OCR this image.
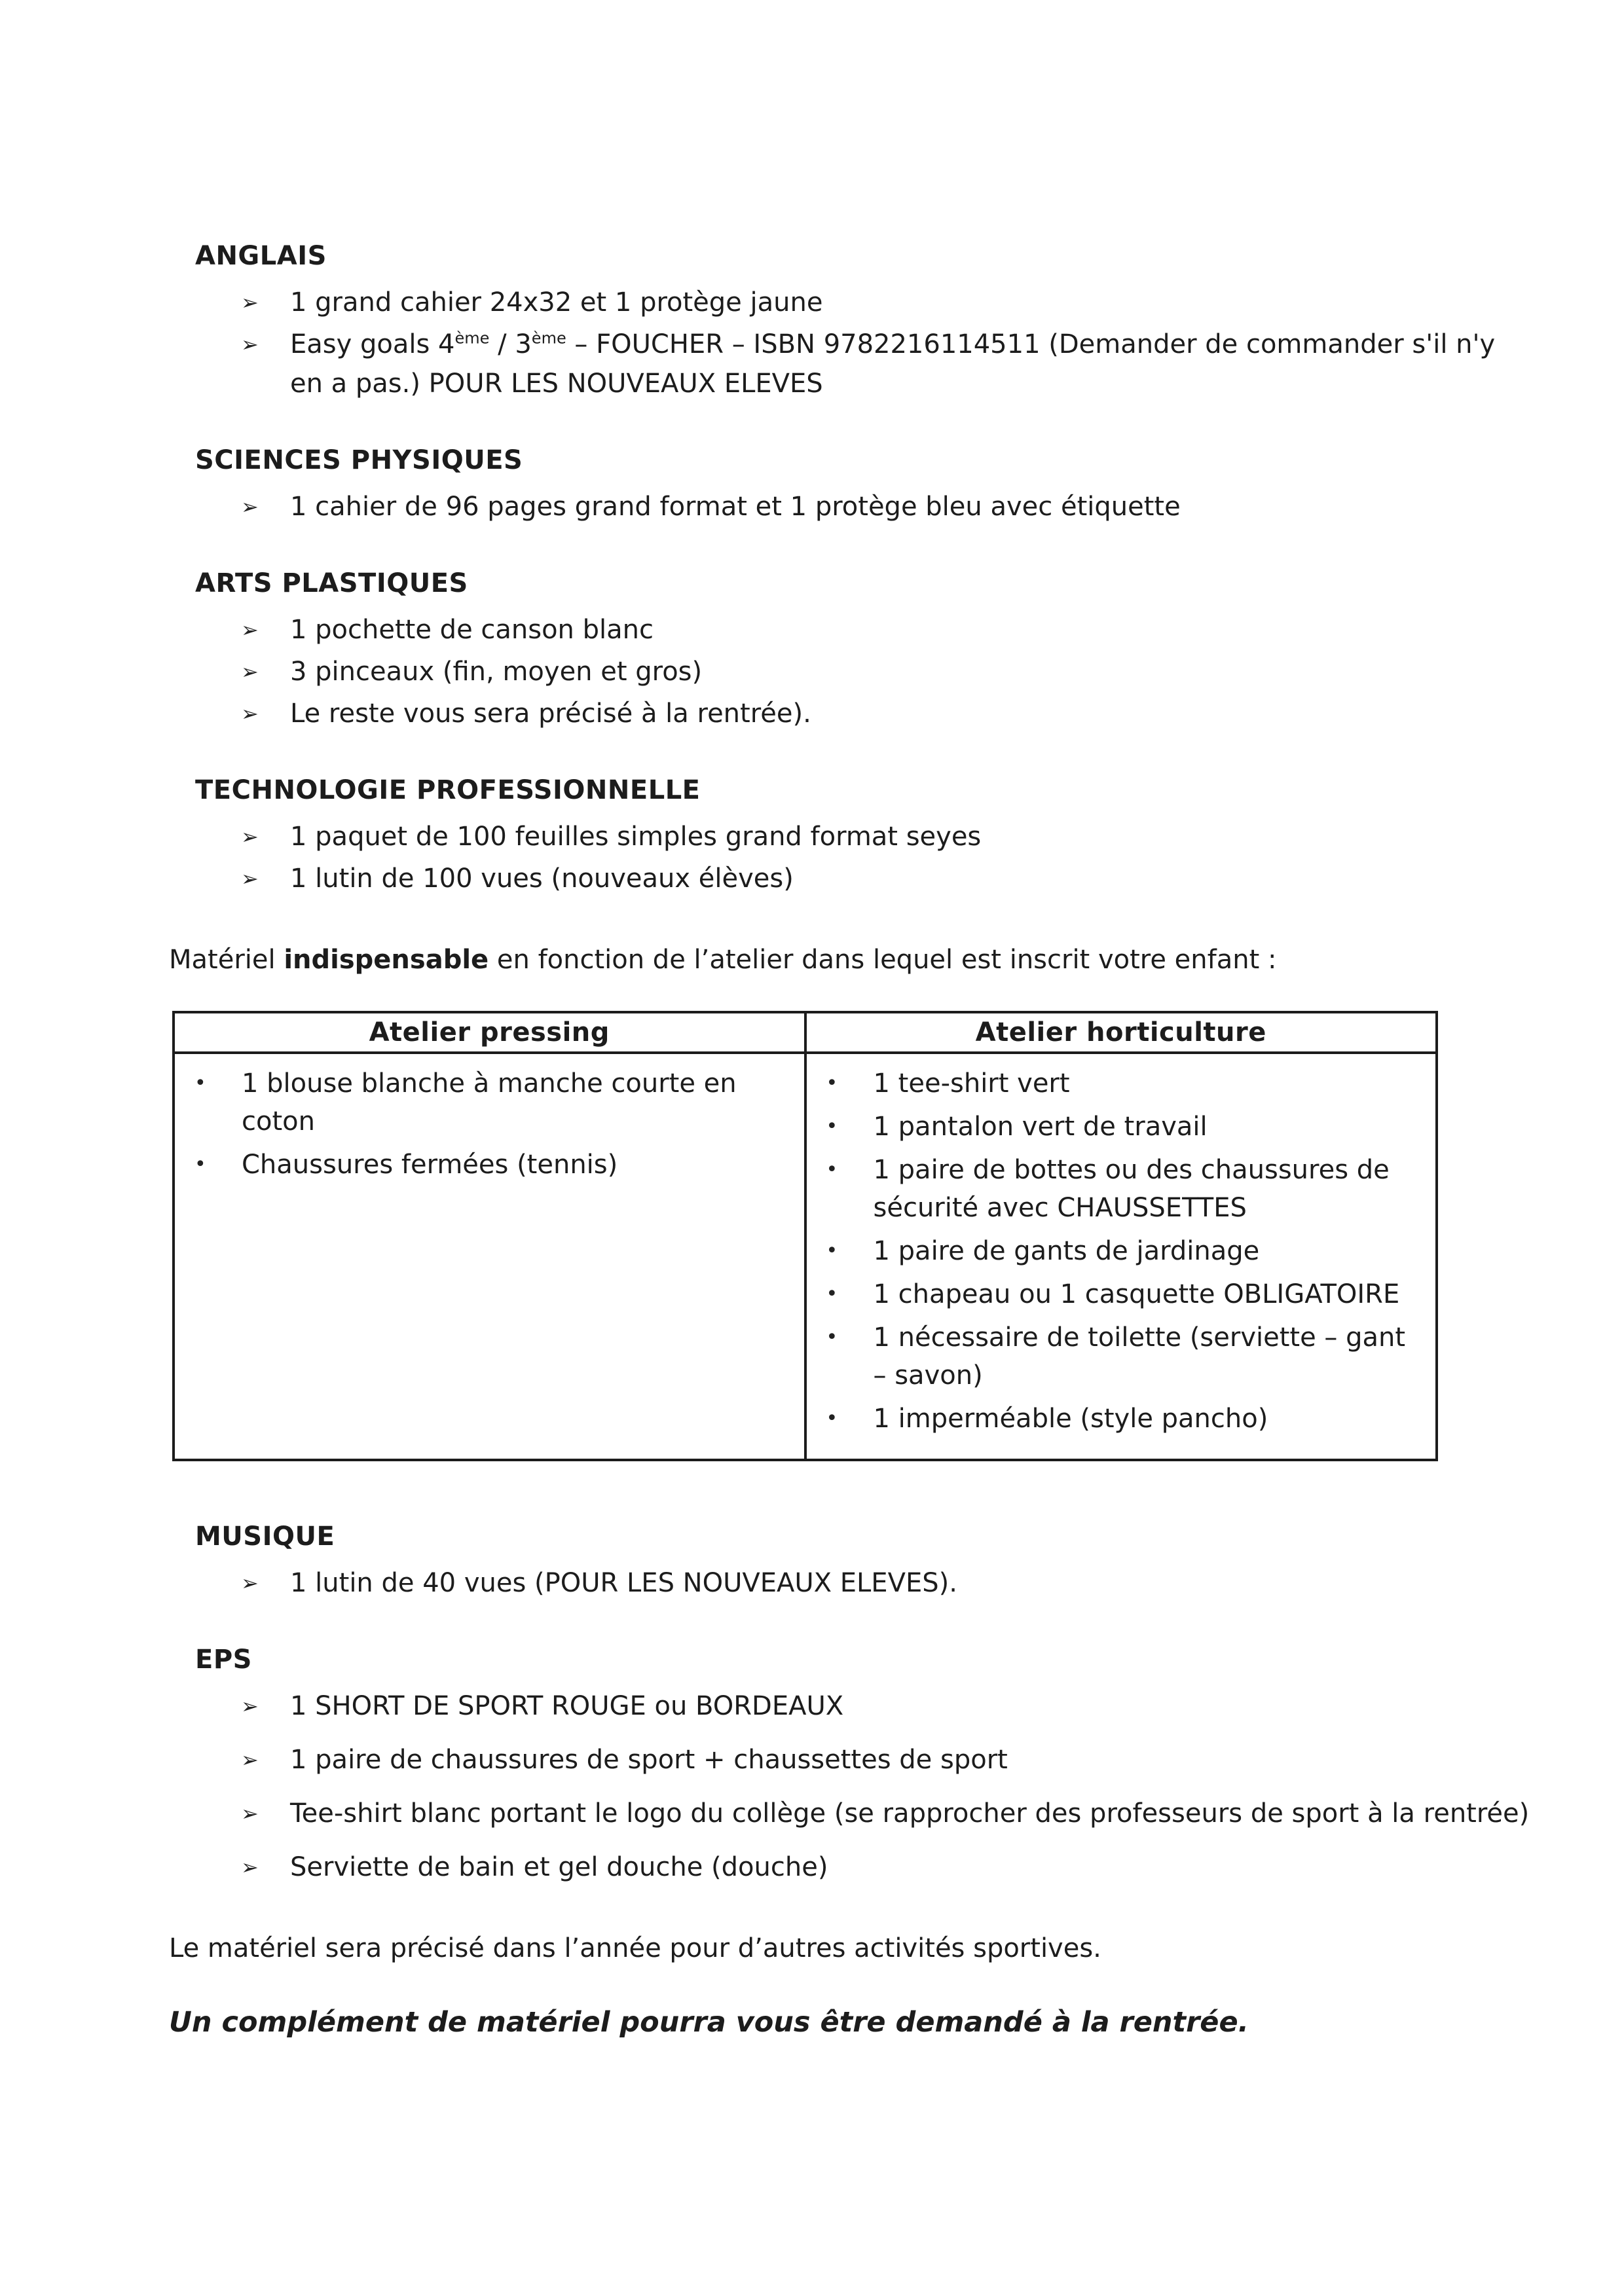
ANGLAIS
➢	1 grand cahier 24x32 et 1 protège jaune
➢	Easy goals 4ème / 3ème – FOUCHER – ISBN 9782216114511 (Demander de commander s'il n'y en a pas.) POUR LES NOUVEAUX ELEVES
SCIENCES PHYSIQUES
➢	1 cahier de 96 pages grand format et 1 protège bleu avec étiquette
ARTS PLASTIQUES
➢	1 pochette de canson blanc
➢	3 pinceaux (fin, moyen et gros)
➢	Le reste vous sera précisé à la rentrée).
TECHNOLOGIE PROFESSIONNELLE
➢	1 paquet de 100 feuilles simples grand format seyes
➢	1 lutin de 100 vues (nouveaux élèves)

Matériel indispensable en fonction de l’atelier dans lequel est inscrit votre enfant :

Atelier pressing	Atelier horticulture

•	1 blouse blanche à manche courte en coton
•	Chaussures fermées (tennis)

•	1 tee-shirt vert
•	1 pantalon vert de travail
•	1 paire de bottes ou des chaussures de sécurité avec CHAUSSETTES
•	1 paire de gants de jardinage
•	1 chapeau ou 1 casquette OBLIGATOIRE
•	1 nécessaire de toilette (serviette – gant – savon)
•	1 imperméable (style pancho)
MUSIQUE
➢	1 lutin de 40 vues (POUR LES NOUVEAUX ELEVES).
EPS
➢	1 SHORT DE SPORT ROUGE ou BORDEAUX
➢	1 paire de chaussures de sport + chaussettes de sport
➢	Tee-shirt blanc portant le logo du collège (se rapprocher des professeurs de sport à la rentrée)
➢	Serviette de bain et gel douche (douche)

Le matériel sera précisé dans l’année pour d’autres activités sportives.

Un complément de matériel pourra vous être demandé à la rentrée.
